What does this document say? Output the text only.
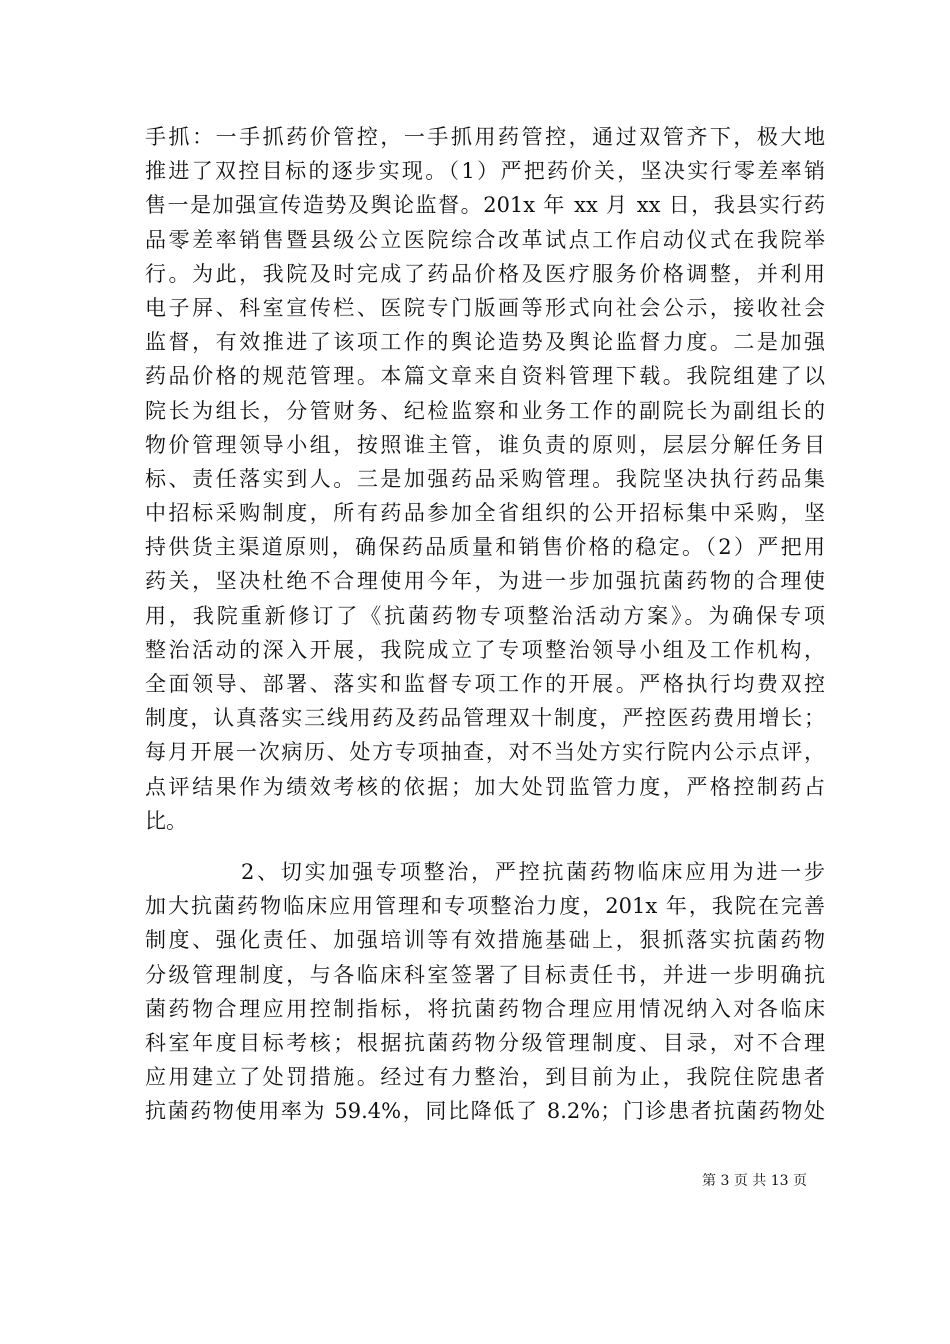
手抓：一手抓药价管控，一手抓用药管控，通过双管齐下，极大地
推进了双控目标的逐步实现。（1）严把药价关，坚决实行零差率销
售一是加强宣传造势及舆论监督。201x 年 xx 月 xx 日，我县实行药
品零差率销售暨县级公立医院综合改革试点工作启动仪式在我院举
行。为此，我院及时完成了药品价格及医疗服务价格调整，并利用
电子屏、科室宣传栏、医院专门版画等形式向社会公示，接收社会
监督，有效推进了该项工作的舆论造势及舆论监督力度。二是加强
药品价格的规范管理。本篇文章来自资料管理下载。我院组建了以
院长为组长，分管财务、纪检监察和业务工作的副院长为副组长的
物价管理领导小组，按照谁主管，谁负责的原则，层层分解任务目
标、责任落实到人。三是加强药品采购管理。我院坚决执行药品集
中招标采购制度，所有药品参加全省组织的公开招标集中采购，坚
持供货主渠道原则，确保药品质量和销售价格的稳定。（2）严把用
药关，坚决杜绝不合理使用今年，为进一步加强抗菌药物的合理使
用，我院重新修订了《抗菌药物专项整治活动方案》。为确保专项
整治活动的深入开展，我院成立了专项整治领导小组及工作机构，
全面领导、部署、落实和监督专项工作的开展。严格执行均费双控
制度，认真落实三线用药及药品管理双十制度，严控医药费用增长；
每月开展一次病历、处方专项抽查，对不当处方实行院内公示点评，
点评结果作为绩效考核的依据；加大处罚监管力度，严格控制药占
比。
2、切实加强专项整治，严控抗菌药物临床应用为进一步
加大抗菌药物临床应用管理和专项整治力度，201x 年，我院在完善
制度、强化责任、加强培训等有效措施基础上，狠抓落实抗菌药物
分级管理制度，与各临床科室签署了目标责任书，并进一步明确抗
菌药物合理应用控制指标，将抗菌药物合理应用情况纳入对各临床
科室年度目标考核；根据抗菌药物分级管理制度、目录，对不合理
应用建立了处罚措施。经过有力整治，到目前为止，我院住院患者
抗菌药物使用率为 59.4%，同比降低了 8.2%；门诊患者抗菌药物处
第 3 页 共 13 页
